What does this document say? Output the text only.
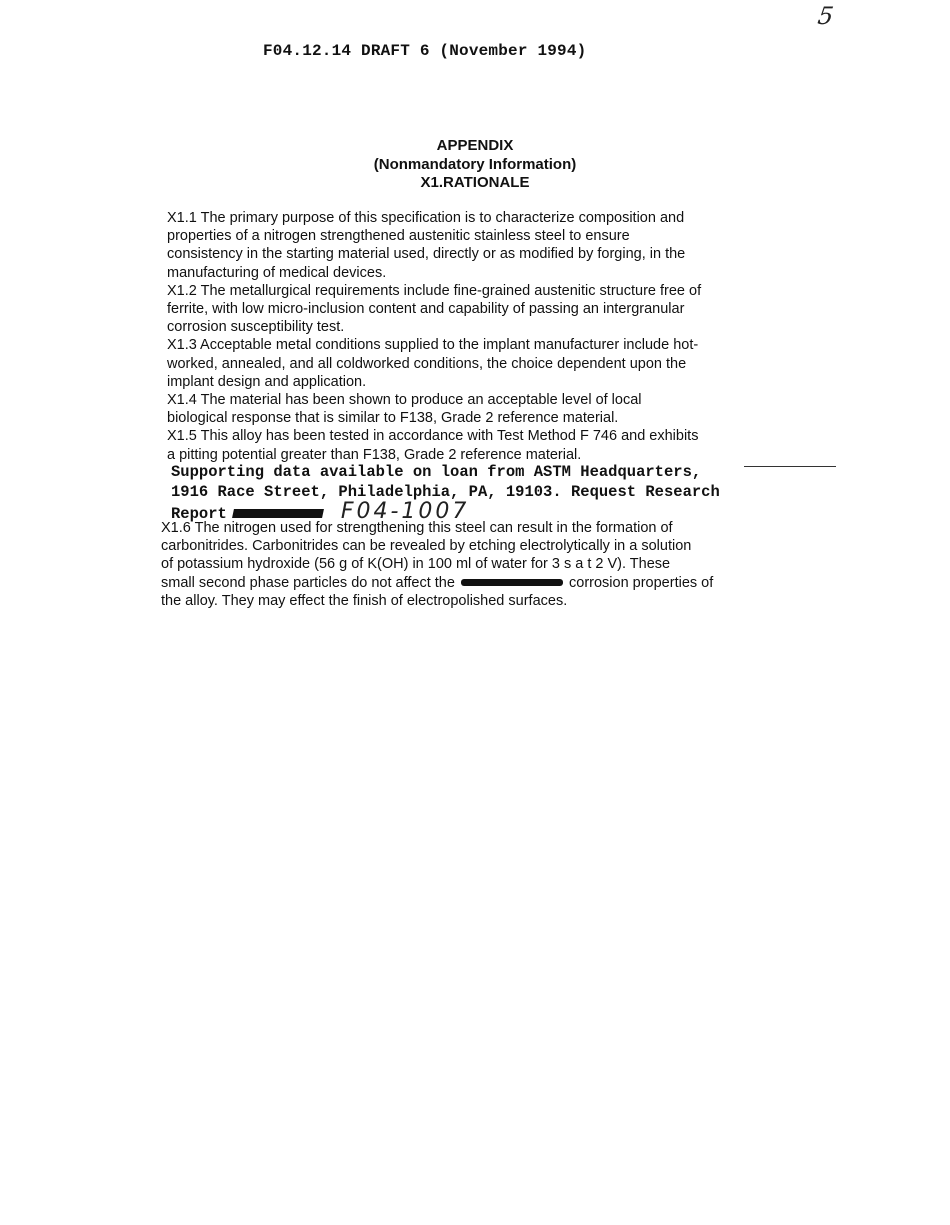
5
F04.12.14 DRAFT 6 (November 1994)
APPENDIX
(Nonmandatory Information)
X1.RATIONALE

X1.1 The primary purpose of this specification is to characterize composition and
properties of a nitrogen strengthened austenitic stainless steel to ensure
consistency in the starting material used, directly or as modified by forging, in the
manufacturing of medical devices.

X1.2 The metallurgical requirements include fine-grained austenitic structure free of
ferrite, with low micro-inclusion content and capability of passing an intergranular
corrosion susceptibility test.

X1.3 Acceptable metal conditions supplied to the implant manufacturer include hot-
worked, annealed, and all coldworked conditions, the choice dependent upon the
implant design and application.

X1.4 The material has been shown to produce an acceptable level of local
biological response that is similar to F138, Grade 2 reference material.

X1.5 This alloy has been tested in accordance with Test Method F 746 and exhibits
a pitting potential greater than F138, Grade 2 reference material.

Supporting data available on loan from ASTM Headquarters,
1916 Race Street, Philadelphia, PA, 19103. Request Research
Report	F04-1007

X1.6 The nitrogen used for strengthening this steel can result in the formation of
carbonitrides. Carbonitrides can be revealed by etching electrolytically in a solution
of potassium hydroxide (56 g of K(OH) in 100 ml of water for 3 s a t 2 V). These
small second phase particles do not affect the	corrosion properties of
the alloy. They may effect the finish of electropolished surfaces.
